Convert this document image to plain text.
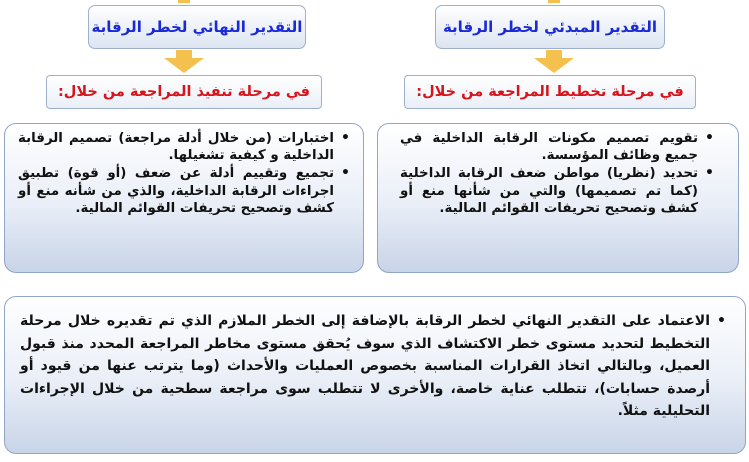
التقدير النهائي لخطر الرقابة	التقدير المبدئي لخطر الرقابة
في مرحلة تنفيذ المراجعة من خلال:	في مرحلة تخطيط المراجعة من خلال:
•
اختبارات (من خلال أدلة مراجعة) تصميم الرقابة الداخلية و كيفية تشغيلها.
•
تجميع وتقييم أدلة عن ضعف (أو قوة) تطبيق اجراءات الرقابة الداخلية، والذي من شأنه منع أو كشف وتصحيح تحريفات القوائم المالية.
•
تقويم تصميم مكونات الرقابة الداخلية في جميع وظائف المؤسسة.
•
تحديد (نظريا) مواطن ضعف الرقابة الداخلية (كما تم تصميمها) والتي من شأنها منع أو كشف وتصحيح تحريفات القوائم المالية.
•
الاعتماد على التقدير النهائي لخطر الرقابة بالإضافة إلى الخطر الملازم الذي تم تقديره خلال مرحلة التخطيط لتحديد مستوى خطر الاكتشاف الذي سوف يُحقق مستوى مخاطر المراجعة المحدد منذ قبول العميل، وبالتالي اتخاذ القرارات المناسبة بخصوص العمليات والأحداث (وما يترتب عنها من قيود أو أرصدة حسابات)، تتطلب عناية خاصة، والأخرى لا تتطلب سوى مراجعة سطحية من خلال الإجراءات التحليلية مثلاً.
